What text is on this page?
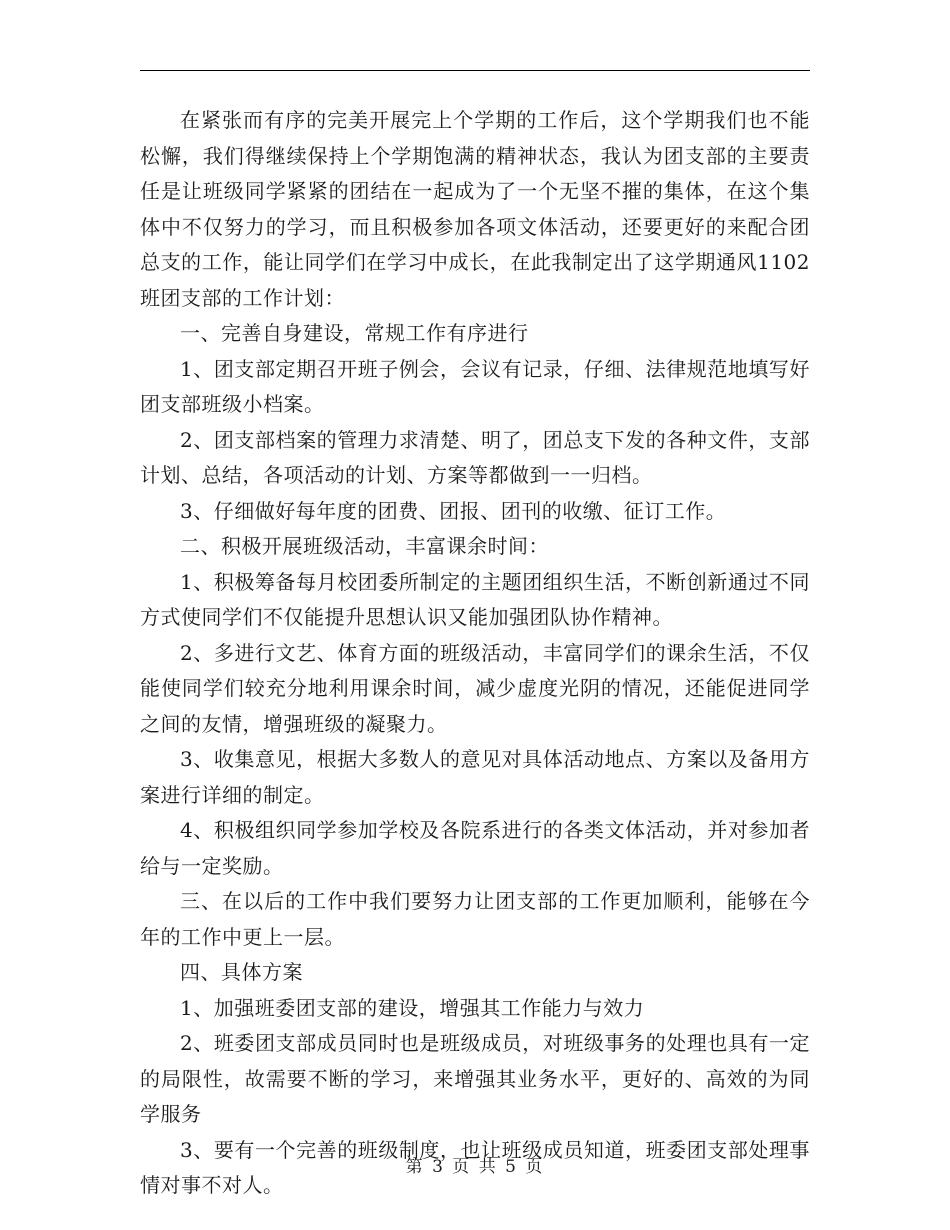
在紧张而有序的完美开展完上个学期的工作后，这个学期我们也不能松懈，我们得继续保持上个学期饱满的精神状态，我认为团支部的主要责任是让班级同学紧紧的团结在一起成为了一个无坚不摧的集体，在这个集体中不仅努力的学习，而且积极参加各项文体活动，还要更好的来配合团总支的工作，能让同学们在学习中成长，在此我制定出了这学期通风1102班团支部的工作计划：

一、完善自身建设，常规工作有序进行

1、团支部定期召开班子例会，会议有记录，仔细、法律规范地填写好团支部班级小档案。

2、团支部档案的管理力求清楚、明了，团总支下发的各种文件，支部计划、总结，各项活动的计划、方案等都做到一一归档。

3、仔细做好每年度的团费、团报、团刊的收缴、征订工作。

二、积极开展班级活动，丰富课余时间：

1、积极筹备每月校团委所制定的主题团组织生活，不断创新通过不同方式使同学们不仅能提升思想认识又能加强团队协作精神。

2、多进行文艺、体育方面的班级活动，丰富同学们的课余生活，不仅能使同学们较充分地利用课余时间，减少虚度光阴的情况，还能促进同学之间的友情，增强班级的凝聚力。

3、收集意见，根据大多数人的意见对具体活动地点、方案以及备用方案进行详细的制定。

4、积极组织同学参加学校及各院系进行的各类文体活动，并对参加者给与一定奖励。

三、在以后的工作中我们要努力让团支部的工作更加顺利，能够在今年的工作中更上一层。

四、具体方案

1、加强班委团支部的建设，增强其工作能力与效力

2、班委团支部成员同时也是班级成员，对班级事务的处理也具有一定的局限性，故需要不断的学习，来增强其业务水平，更好的、高效的为同学服务

3、要有一个完善的班级制度，也让班级成员知道，班委团支部处理事情对事不对人。

第 3 页 共 5 页
